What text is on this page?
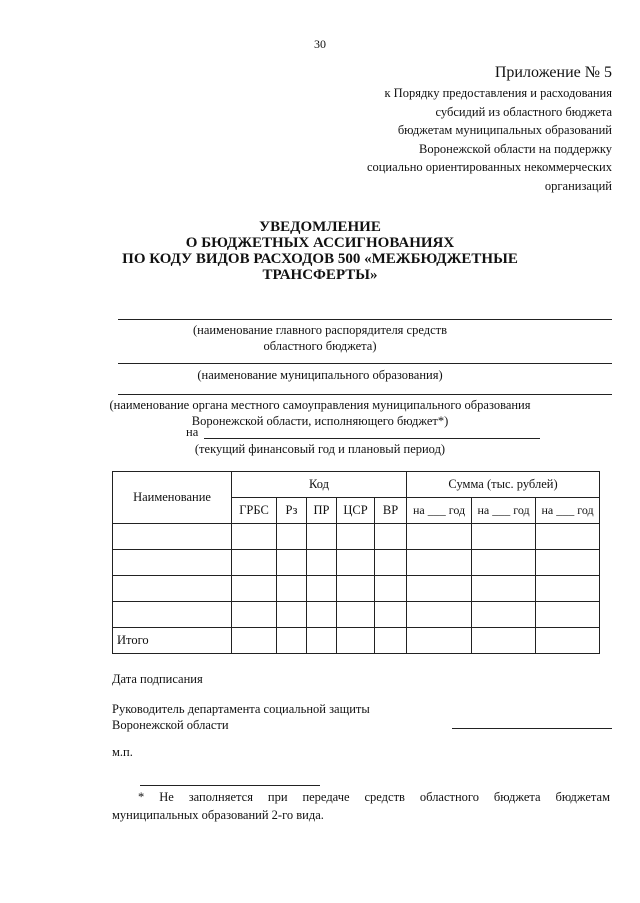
30
Приложение № 5
к Порядку предоставления и расходования
субсидий из областного бюджета
бюджетам муниципальных образований
Воронежской области на поддержку
социально ориентированных некоммерческих
организаций
УВЕДОМЛЕНИЕ
О БЮДЖЕТНЫХ АССИГНОВАНИЯХ
ПО КОДУ ВИДОВ РАСХОДОВ 500 «МЕЖБЮДЖЕТНЫЕ
ТРАНСФЕРТЫ»
(наименование главного распорядителя средств
областного бюджета)
(наименование муниципального образования)
(наименование органа местного самоуправления муниципального образования
Воронежской области, исполняющего бюджет*)
на
(текущий финансовый год и плановый период)
Наименование	Код					Сумма (тыс. рублей)		
	ГРБС	Рз	ПР	ЦСР	ВР	на ___ год	на ___ год	на ___ год

Итого								
Дата подписания
Руководитель департамента социальной защиты
Воронежской области
м.п.
* Не заполняется при передаче средств областного бюджета бюджетам
муниципальных образований 2-го вида.
